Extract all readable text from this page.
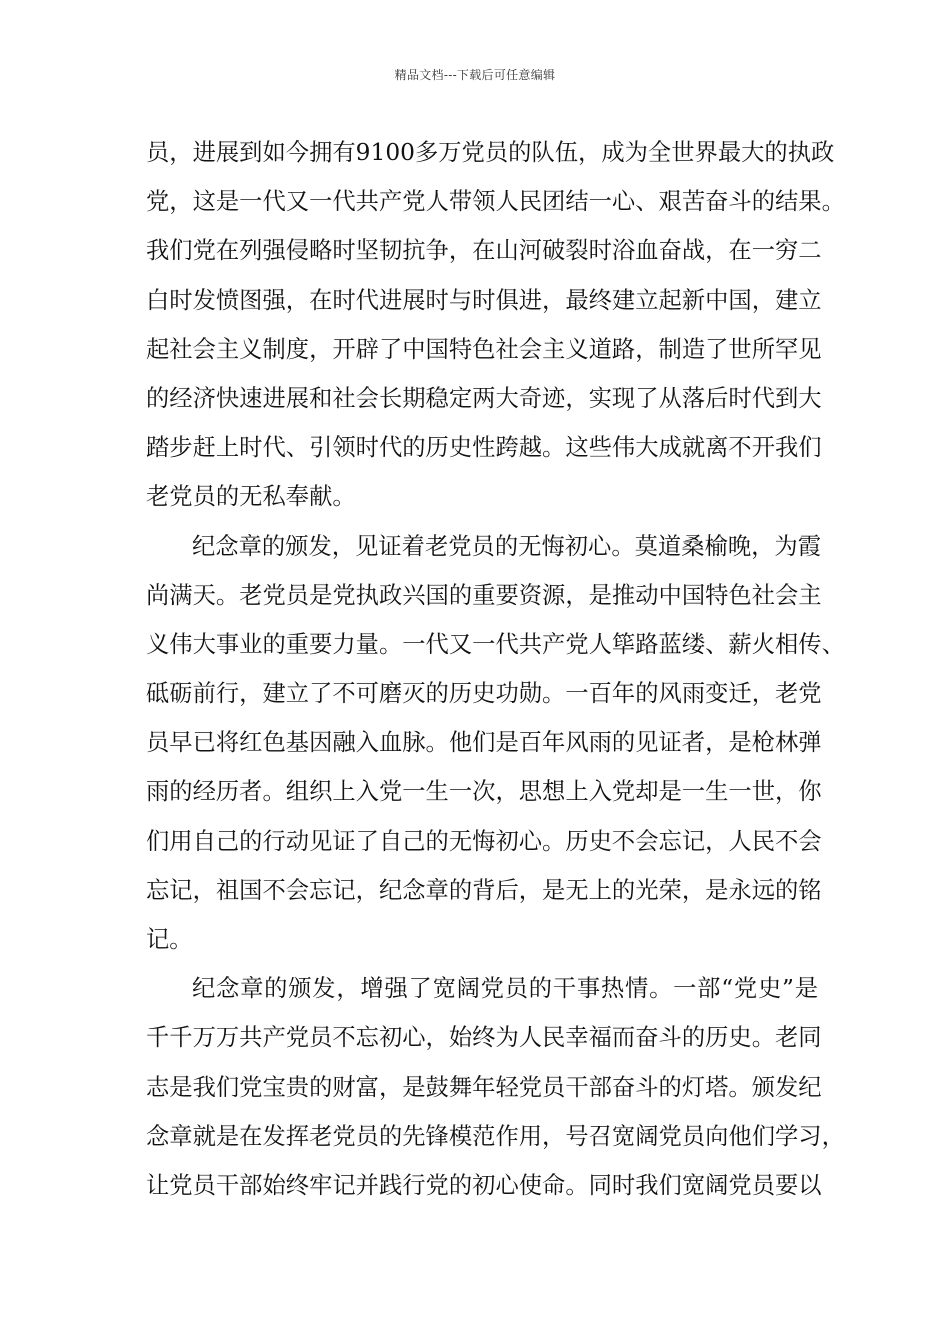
精品文档---下载后可任意编辑
员，进展到如今拥有9100多万党员的队伍，成为全世界最大的执政
党，这是一代又一代共产党人带领人民团结一心、艰苦奋斗的结果。
我们党在列强侵略时坚韧抗争，在山河破裂时浴血奋战，在一穷二
白时发愤图强，在时代进展时与时俱进，最终建立起新中国，建立
起社会主义制度，开辟了中国特色社会主义道路，制造了世所罕见
的经济快速进展和社会长期稳定两大奇迹，实现了从落后时代到大
踏步赶上时代、引领时代的历史性跨越。这些伟大成就离不开我们
老党员的无私奉献。
纪念章的颁发，见证着老党员的无悔初心。莫道桑榆晚，为霞
尚满天。老党员是党执政兴国的重要资源，是推动中国特色社会主
义伟大事业的重要力量。一代又一代共产党人筚路蓝缕、薪火相传、
砥砺前行，建立了不可磨灭的历史功勋。一百年的风雨变迁，老党
员早已将红色基因融入血脉。他们是百年风雨的见证者，是枪林弹
雨的经历者。组织上入党一生一次，思想上入党却是一生一世，你
们用自己的行动见证了自己的无悔初心。历史不会忘记，人民不会
忘记，祖国不会忘记，纪念章的背后，是无上的光荣，是永远的铭
记。
纪念章的颁发，增强了宽阔党员的干事热情。一部“党史”是
千千万万共产党员不忘初心，始终为人民幸福而奋斗的历史。老同
志是我们党宝贵的财富，是鼓舞年轻党员干部奋斗的灯塔。颁发纪
念章就是在发挥老党员的先锋模范作用，号召宽阔党员向他们学习，
让党员干部始终牢记并践行党的初心使命。同时我们宽阔党员要以
